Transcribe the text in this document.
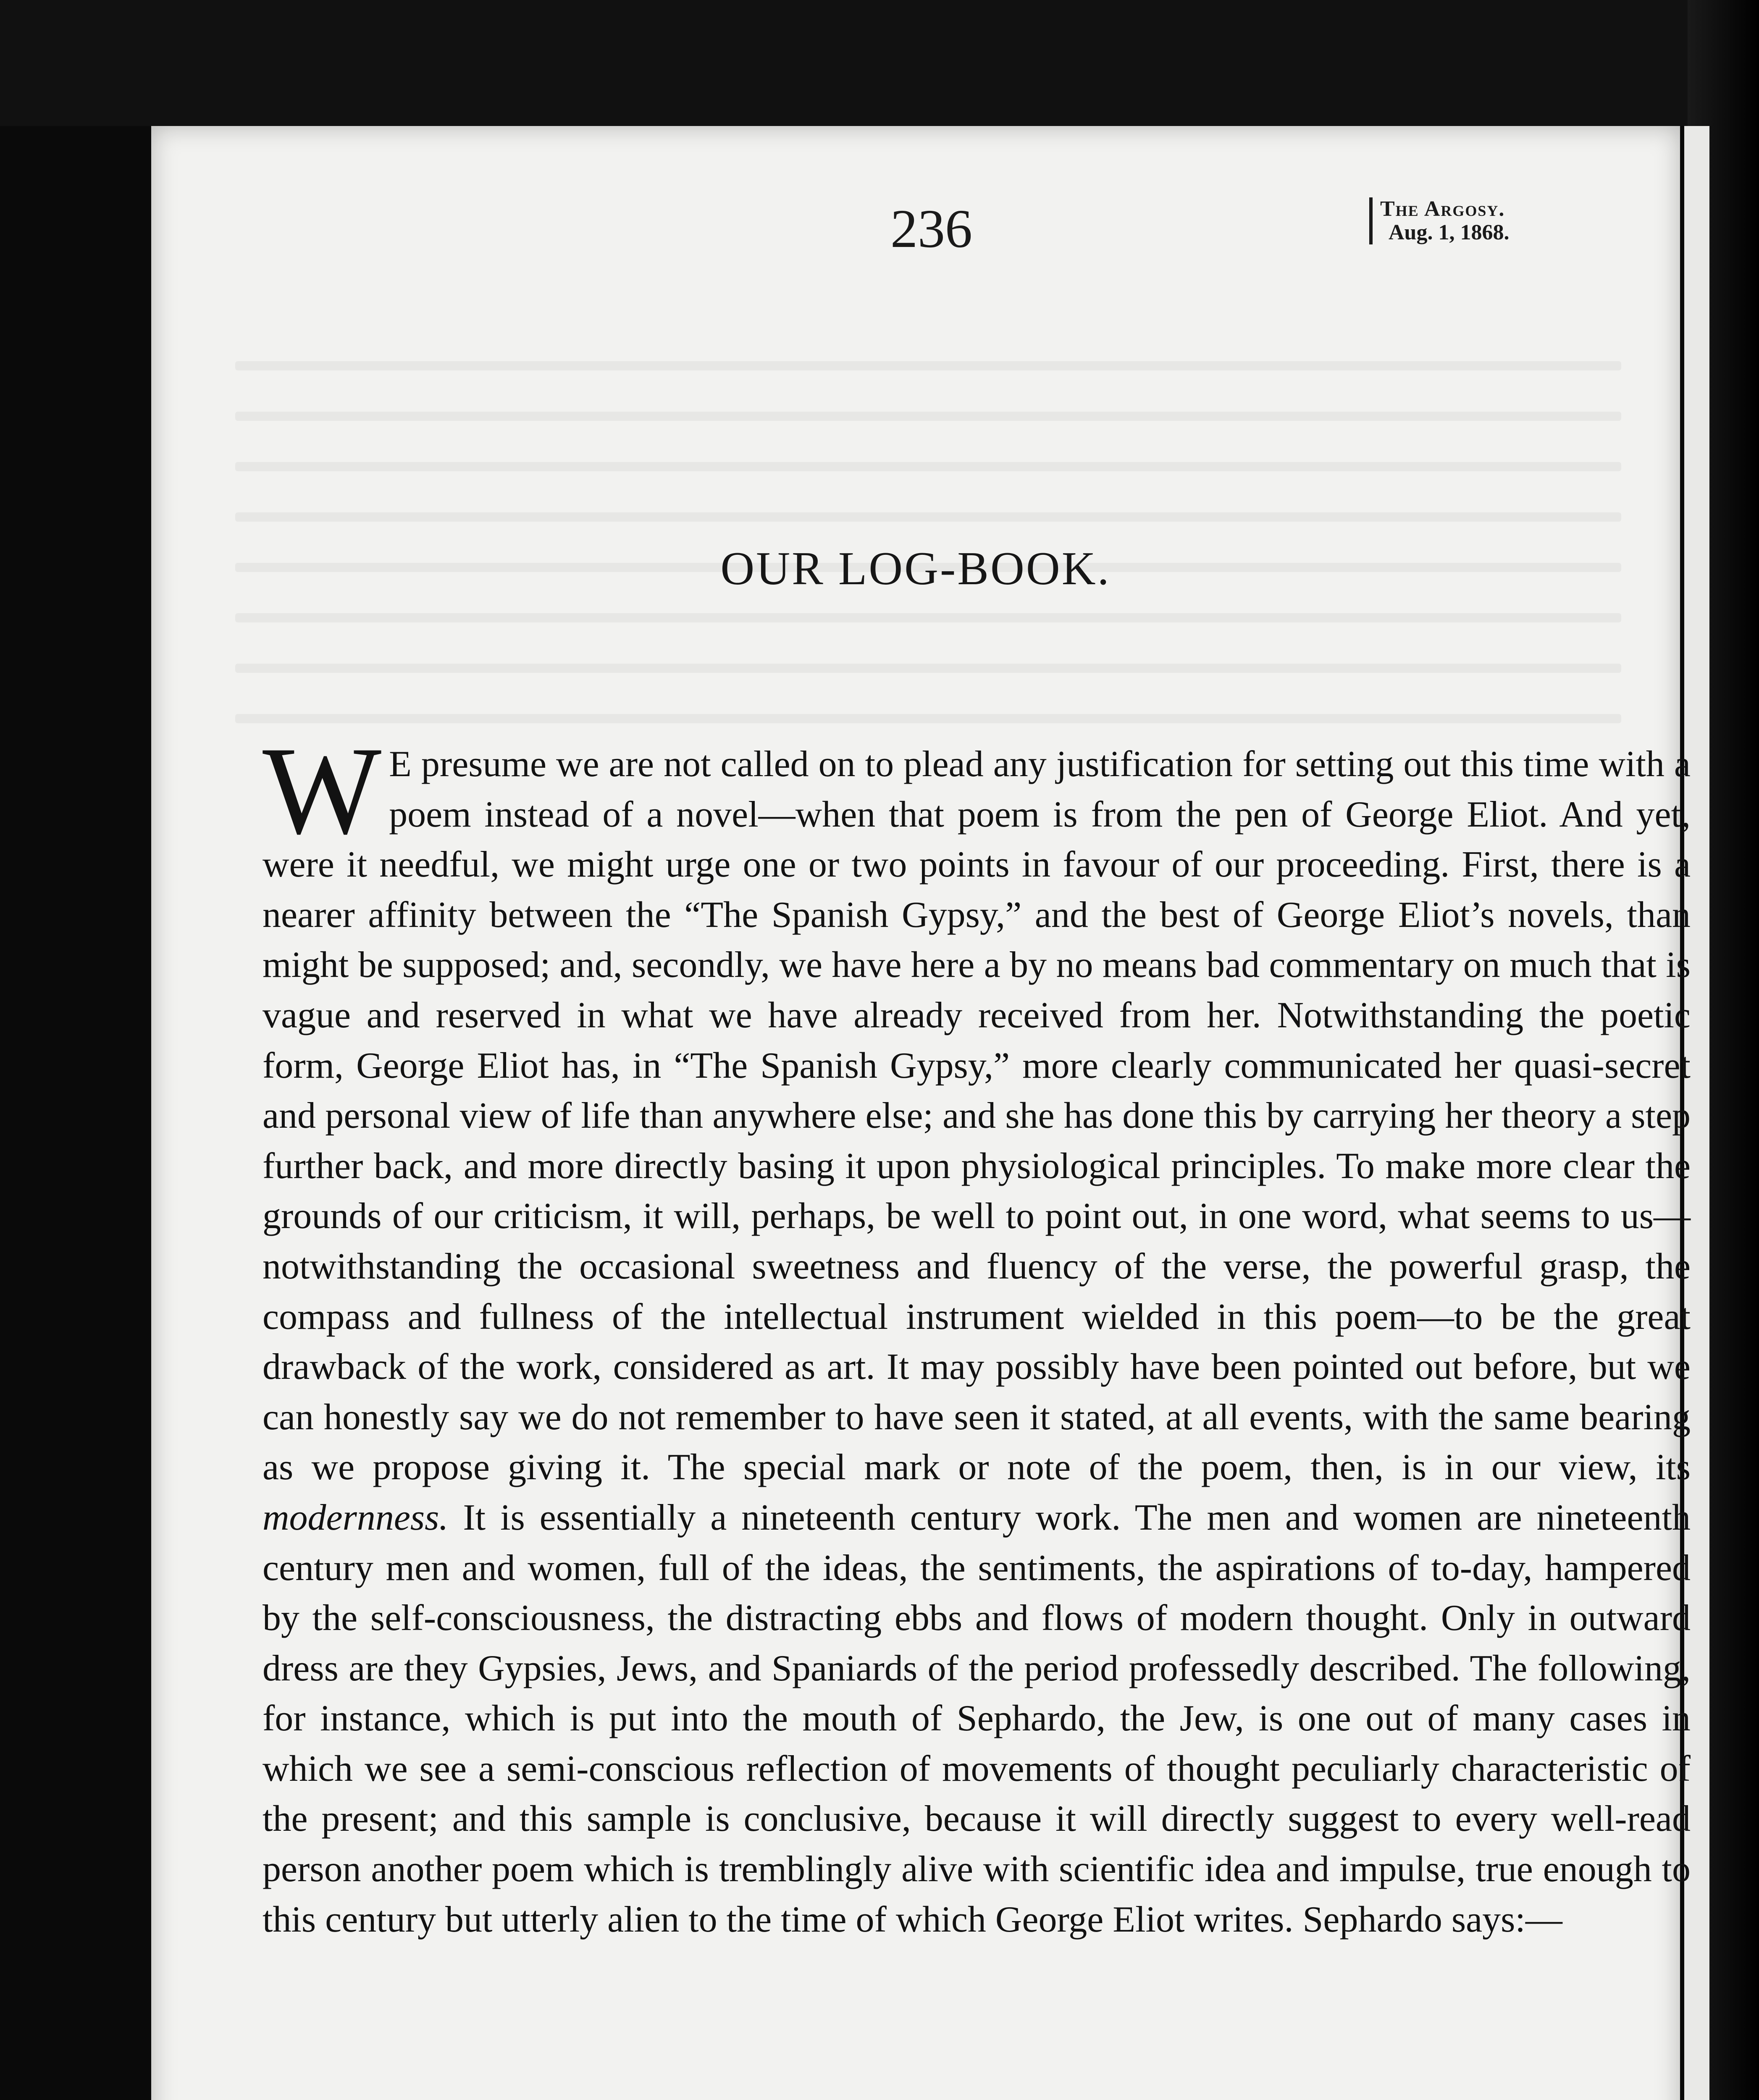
236	The Argosy.
Aug. 1, 1868.
OUR LOG-BOOK.

W E presume we are not called on to plead any justification for setting out this time with a poem instead of a novel—when that poem is from the pen of George Eliot. And yet, were it needful, we might urge one or two points in favour of our proceeding. First, there is a nearer affinity between the “The Spanish Gypsy,” and the best of George Eliot’s novels, than might be supposed; and, secondly, we have here a by no means bad commentary on much that is vague and reserved in what we have already received from her. Notwithstanding the poetic form, George Eliot has, in “The Spanish Gypsy,” more clearly communicated her quasi-secret and personal view of life than anywhere else; and she has done this by carrying her theory a step further back, and more directly basing it upon physiological principles. To make more clear the grounds of our criticism, it will, perhaps, be well to point out, in one word, what seems to us—notwithstanding the occasional sweetness and fluency of the verse, the powerful grasp, the compass and fullness of the intellectual instrument wielded in this poem—to be the great drawback of the work, considered as art. It may possibly have been pointed out before, but we can honestly say we do not remember to have seen it stated, at all events, with the same bearing as we propose giving it. The special mark or note of the poem, then, is in our view, its modernness. It is essentially a nineteenth century work. The men and women are nineteenth century men and women, full of the ideas, the sentiments, the aspirations of to-day, hampered by the self-consciousness, the distracting ebbs and flows of modern thought. Only in outward dress are they Gypsies, Jews, and Spaniards of the period professedly described. The following, for instance, which is put into the mouth of Sephardo, the Jew, is one out of many cases in which we see a semi-conscious reflection of movements of thought peculiarly characteristic of the present; and this sample is conclusive, because it will directly suggest to every well-read person another poem which is tremblingly alive with scientific idea and impulse, true enough to this century but utterly alien to the time of which George Eliot writes. Sephardo says:—
